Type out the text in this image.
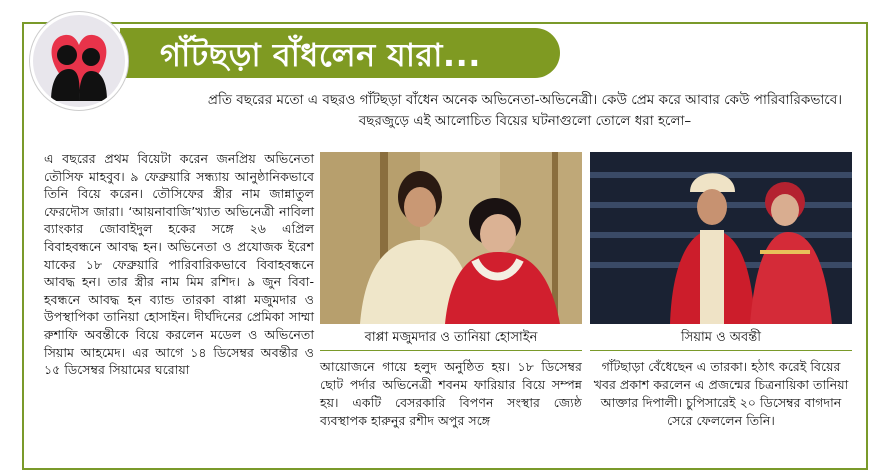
গাঁটছড়া বাঁধলেন যারা...
প্রতি বছরের মতো এ বছরও গাঁটছড়া বাঁধেন অনেক অভিনেতা-অভিনেত্রী। কেউ প্রেম করে আবার কেউ পারিবারিকভাবে। বছরজুড়ে এই আলোচিত বিয়ের ঘটনাগুলো তোলে ধরা হলো–
এ বছরের প্রথম বিয়েটা করেন জনপ্রিয় অভিনেতা তৌসিফ মাহবুব। ৯ ফেব্রুয়ারি সন্ধ্যায় আনুষ্ঠানিকভাবে তিনি বিয়ে করেন। তৌসিফের স্ত্রীর নাম জান্নাতুল ফেরদৌস জারা। ‘আয়নাবাজি’খ্যাত অভিনেত্রী নাবিলা ব্যাংকার জোবাইদুল হকের সঙ্গে ২৬ এপ্রিল বিবাহবন্ধনে আবদ্ধ হন। অভিনেতা ও প্রযোজক ইরেশ যাকের ১৮ ফেব্রুয়ারি পারিবারিকভাবে বিবাহবন্ধনে আবদ্ধ হন। তার স্ত্রীর নাম মিম রশিদ। ৯ জুন বিবা-হবন্ধনে আবদ্ধ হন ব্যান্ড তারকা বাপ্পা মজুমদার ও উপস্থাপিকা তানিয়া হোসাইন। দীর্ঘদিনের প্রেমিকা সাম্মা রুশাফি অবন্তীকে বিয়ে করলেন মডেল ও অভিনেতা সিয়াম আহমেদ। এর আগে ১৪ ডিসেম্বর অবন্তীর ও ১৫ ডিসেম্বর সিয়ামের ঘরোয়া
বাপ্পা মজুমদার ও তানিয়া হোসাইন	সিয়াম ও অবন্তী
আয়োজনে গায়ে হলুদ অনুষ্ঠিত হয়। ১৮ ডিসেম্বর ছোট পর্দার অভিনেত্রী শবনম ফারিয়ার বিয়ে সম্পন্ন হয়। একটি বেসরকারি বিপণন সংস্থার জ্যেষ্ঠ ব্যবস্থাপক হারুনুর রশীদ অপুর সঙ্গে
গাঁটছাড়া বেঁধেছেন এ তারকা। হঠাৎ করেই বিয়ের খবর প্রকাশ করলেন এ প্রজন্মের চিত্রনায়িকা তানিয়া আক্তার দিপালী। চুপিসারেই ২০ ডিসেম্বর বাগদান সেরে ফেললেন তিনি।
